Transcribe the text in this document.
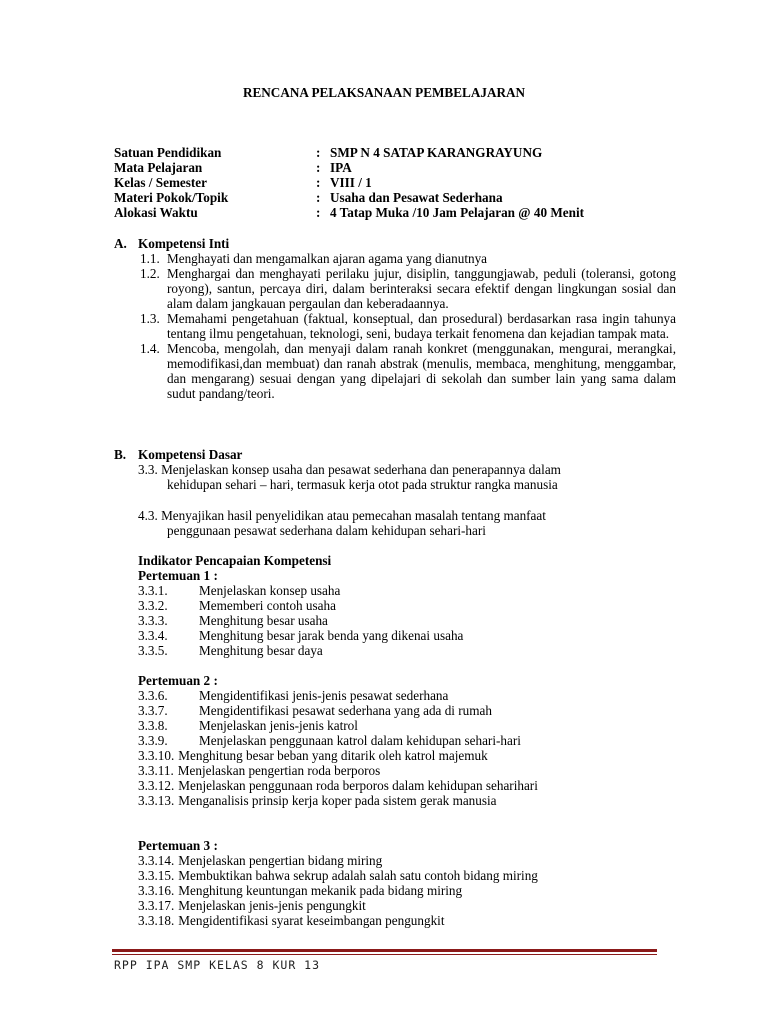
RENCANA PELAKSANAAN PEMBELAJARAN
Satuan Pendidikan	: SMP N 4 SATAP KARANGRAYUNG
Mata Pelajaran	: IPA
Kelas / Semester	: VIII / 1
Materi Pokok/Topik	: Usaha dan Pesawat Sederhana
Alokasi Waktu	: 4 Tatap Muka /10 Jam Pelajaran @ 40 Menit
A. Kompetensi Inti
1.1. Menghayati dan mengamalkan ajaran agama yang dianutnya
1.2. Menghargai dan menghayati perilaku jujur, disiplin, tanggungjawab, peduli (toleransi, gotong royong), santun, percaya diri, dalam berinteraksi secara efektif dengan lingkungan sosial dan alam dalam jangkauan pergaulan dan keberadaannya.
1.3. Memahami pengetahuan (faktual, konseptual, dan prosedural) berdasarkan rasa ingin tahunya tentang ilmu pengetahuan, teknologi, seni, budaya terkait fenomena dan kejadian tampak mata.
1.4. Mencoba, mengolah, dan menyaji dalam ranah konkret (menggunakan, mengurai, merangkai, memodifikasi,dan membuat) dan ranah abstrak (menulis, membaca, menghitung, menggambar, dan mengarang) sesuai dengan yang dipelajari di sekolah dan sumber lain yang sama dalam sudut pandang/teori.
B. Kompetensi Dasar
3.3. Menjelaskan konsep usaha dan pesawat sederhana dan penerapannya dalam
kehidupan sehari – hari, termasuk kerja otot pada struktur rangka manusia
4.3. Menyajikan hasil penyelidikan atau pemecahan masalah tentang manfaat
penggunaan pesawat sederhana dalam kehidupan sehari-hari
Indikator Pencapaian Kompetensi
Pertemuan 1 :
3.3.1.	Menjelaskan konsep usaha
3.3.2.	Mememberi contoh usaha
3.3.3.	Menghitung besar usaha
3.3.4.	Menghitung besar jarak benda yang dikenai usaha
3.3.5.	Menghitung besar daya
Pertemuan 2 :
3.3.6.	Mengidentifikasi jenis-jenis pesawat sederhana
3.3.7.	Mengidentifikasi pesawat sederhana yang ada di rumah
3.3.8.	Menjelaskan jenis-jenis katrol
3.3.9.	Menjelaskan penggunaan katrol dalam kehidupan sehari-hari
3.3.10. Menghitung besar beban yang ditarik oleh katrol majemuk
3.3.11. Menjelaskan pengertian roda berporos
3.3.12. Menjelaskan penggunaan roda berporos dalam kehidupan seharihari
3.3.13. Menganalisis prinsip kerja koper pada sistem gerak manusia
Pertemuan 3 :
3.3.14. Menjelaskan pengertian bidang miring
3.3.15. Membuktikan bahwa sekrup adalah salah satu contoh bidang miring
3.3.16. Menghitung keuntungan mekanik pada bidang miring
3.3.17. Menjelaskan jenis-jenis pengungkit
3.3.18. Mengidentifikasi syarat keseimbangan pengungkit
RPP IPA SMP KELAS 8 KUR 13
